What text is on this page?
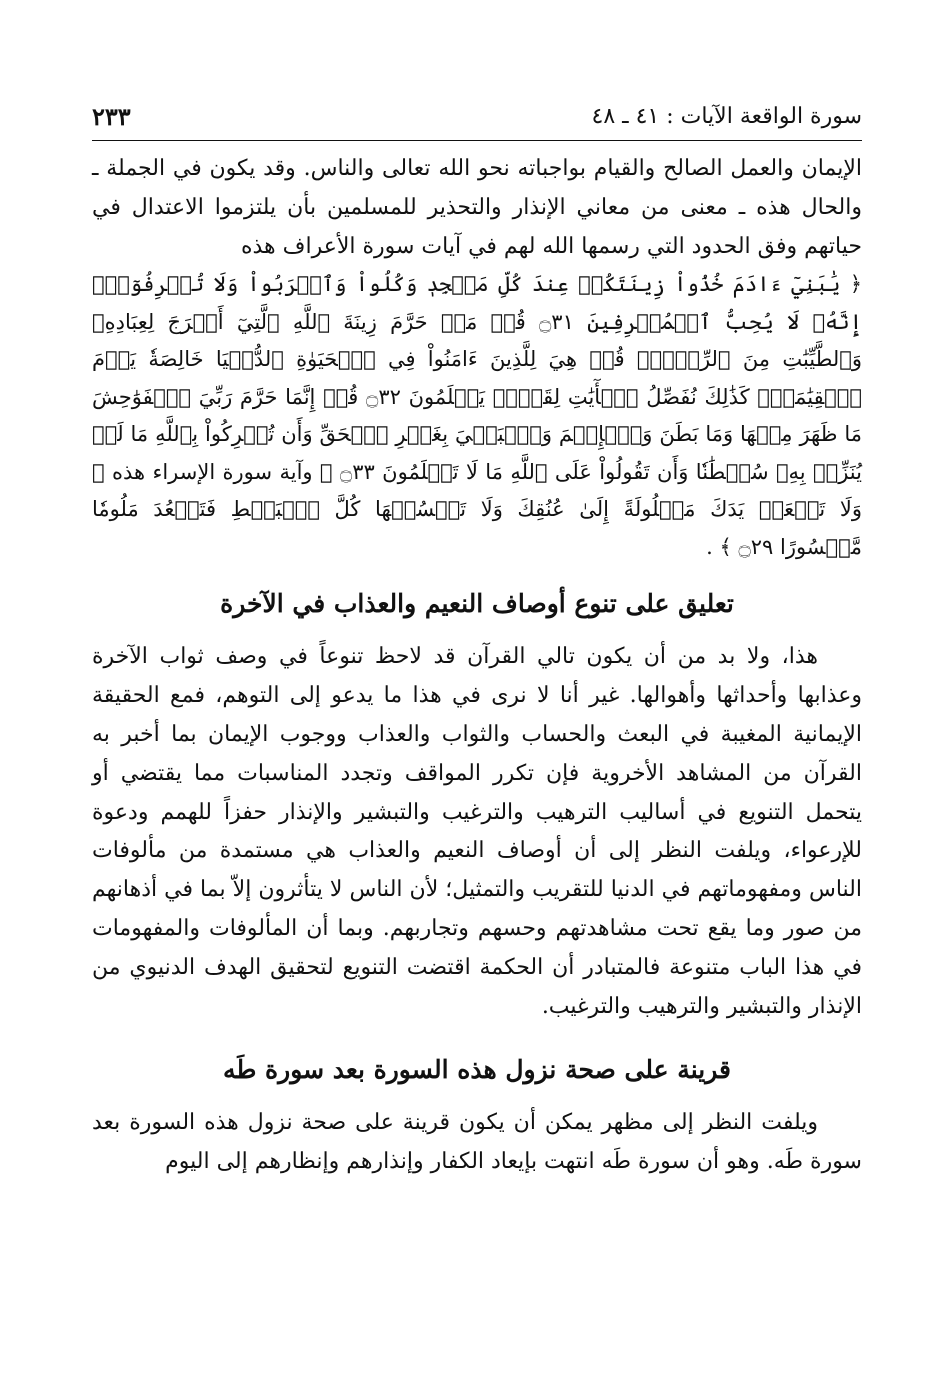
سورة الواقعة الآيات : ٤١ ـ ٤٨
٢٣٣

الإيمان والعمل الصالح والقيام بواجباته نحو الله تعالى والناس. وقد يكون في الجملة ـ والحال هذه ـ معنى من معاني الإنذار والتحذير للمسلمين بأن يلتزموا الاعتدال في حياتهم وفق الحدود التي رسمها الله لهم في آيات سورة الأعراف هذه

﴿ يَٰبَنِيٓ ءَادَمَ خُذُواْ زِينَتَكُمۡ عِندَ كُلِّ مَسۡجِدٖ وَكُلُواْ وَٱشۡرَبُواْ وَلَا تُسۡرِفُوٓاْۚ إِنَّهُۥ لَا يُحِبُّ ٱلۡمُسۡرِفِينَ ۝٣١ قُلۡ مَنۡ حَرَّمَ زِينَةَ ٱللَّهِ ٱلَّتِيٓ أَخۡرَجَ لِعِبَادِهِۦ وَٱلطَّيِّبَٰتِ مِنَ ٱلرِّزۡقِۚ قُلۡ هِيَ لِلَّذِينَ ءَامَنُواْ فِي ٱلۡحَيَوٰةِ ٱلدُّنۡيَا خَالِصَةٗ يَوۡمَ ٱلۡقِيَٰمَةِۗ كَذَٰلِكَ نُفَصِّلُ ٱلۡأٓيَٰتِ لِقَوۡمٖ يَعۡلَمُونَ ۝٣٢ قُلۡ إِنَّمَا حَرَّمَ رَبِّيَ ٱلۡفَوَٰحِشَ مَا ظَهَرَ مِنۡهَا وَمَا بَطَنَ وَٱلۡإِثۡمَ وَٱلۡبَغۡيَ بِغَيۡرِ ٱلۡحَقِّ وَأَن تُشۡرِكُواْ بِٱللَّهِ مَا لَمۡ يُنَزِّلۡ بِهِۦ سُلۡطَٰنٗا وَأَن تَقُولُواْ عَلَى ٱللَّهِ مَا لَا تَعۡلَمُونَ ۝٣٣ ﴾ وآية سورة الإسراء هذه ﴿ وَلَا تَجۡعَلۡ يَدَكَ مَغۡلُولَةً إِلَىٰ عُنُقِكَ وَلَا تَبۡسُطۡهَا كُلَّ ٱلۡبَسۡطِ فَتَقۡعُدَ مَلُومٗا مَّحۡسُورًا ۝٢٩ ﴾ .

تعليق على تنوع أوصاف النعيم والعذاب في الآخرة

هذا، ولا بد من أن يكون تالي القرآن قد لاحظ تنوعاً في وصف ثواب الآخرة وعذابها وأحداثها وأهوالها. غير أنا لا نرى في هذا ما يدعو إلى التوهم، فمع الحقيقة الإيمانية المغيبة في البعث والحساب والثواب والعذاب ووجوب الإيمان بما أخبر به القرآن من المشاهد الأخروية فإن تكرر المواقف وتجدد المناسبات مما يقتضي أو يتحمل التنويع في أساليب الترهيب والترغيب والتبشير والإنذار حفزاً للهمم ودعوة للإرعواء، ويلفت النظر إلى أن أوصاف النعيم والعذاب هي مستمدة من مألوفات الناس ومفهوماتهم في الدنيا للتقريب والتمثيل؛ لأن الناس لا يتأثرون إلاّ بما في أذهانهم من صور وما يقع تحت مشاهدتهم وحسهم وتجاربهم. وبما أن المألوفات والمفهومات في هذا الباب متنوعة فالمتبادر أن الحكمة اقتضت التنويع لتحقيق الهدف الدنيوي من الإنذار والتبشير والترهيب والترغيب.

قرينة على صحة نزول هذه السورة بعد سورة طَه

ويلفت النظر إلى مظهر يمكن أن يكون قرينة على صحة نزول هذه السورة بعد سورة طَه. وهو أن سورة طَه انتهت بإيعاد الكفار وإنذارهم وإنظارهم إلى اليوم
